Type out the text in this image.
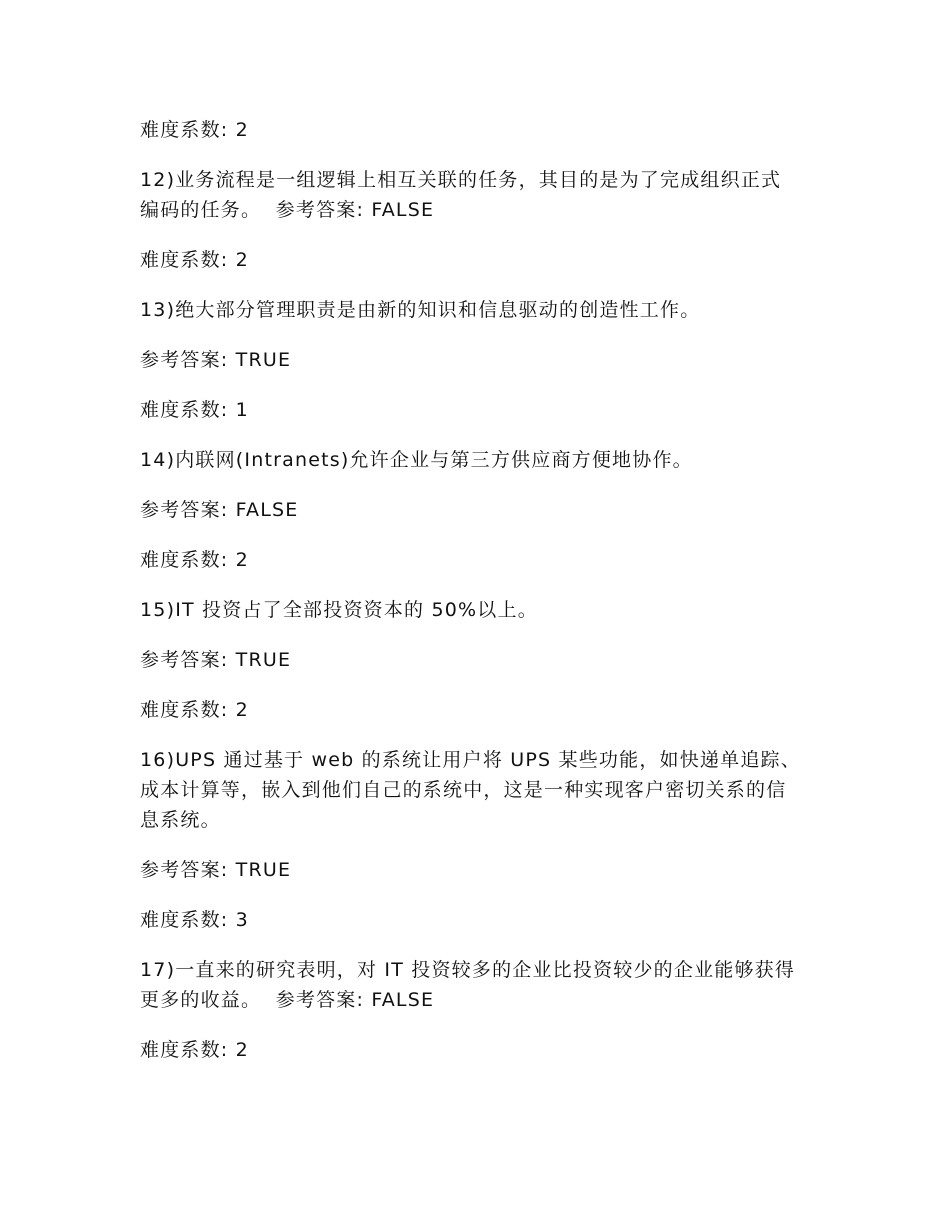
难度系数: 2

12)业务流程是一组逻辑上相互关联的任务，其目的是为了完成组织正式

编码的任务。  参考答案: FALSE

难度系数: 2

13)绝大部分管理职责是由新的知识和信息驱动的创造性工作。

参考答案: TRUE

难度系数: 1

14)内联网(Intranets)允许企业与第三方供应商方便地协作。

参考答案: FALSE

难度系数: 2

15)IT 投资占了全部投资资本的 50%以上。

参考答案: TRUE

难度系数: 2

16)UPS 通过基于 web 的系统让用户将 UPS 某些功能，如快递单追踪、

成本计算等，嵌入到他们自己的系统中，这是一种实现客户密切关系的信

息系统。

参考答案: TRUE

难度系数: 3

17)一直来的研究表明，对 IT 投资较多的企业比投资较少的企业能够获得

更多的收益。  参考答案: FALSE

难度系数: 2
